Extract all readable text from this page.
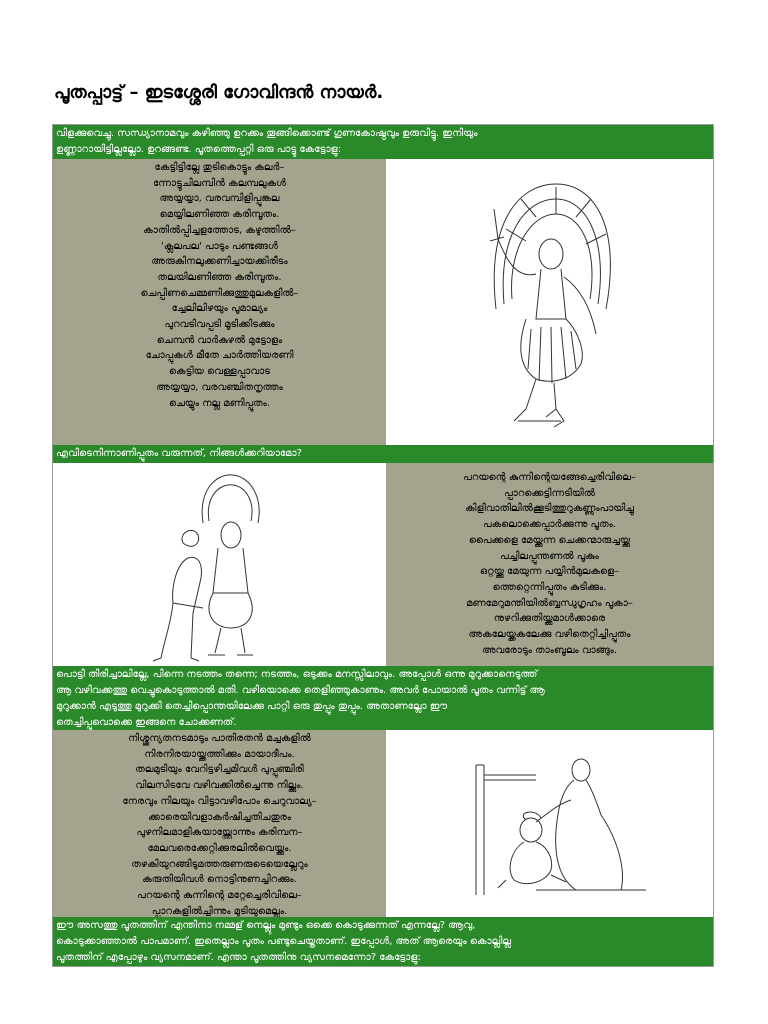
പൂതപ്പാട്ട് – ഇടശ്ശേരി ഗോവിന്ദൻ നായർ.
വിളക്കുവെച്ചു. സന്ധ്യാനാമവും കഴിഞ്ഞു ഉറക്കം തൂങ്ങിക്കൊണ്ട് ഗുണകോഷ്ഠവും ഉരുവിട്ടു. ഇനിയും
ഉണ്ണാറായിട്ടില്ലല്ലോ. ഉറങ്ങണ്ട. പൂതത്തെപ്പറ്റി ഒരു പാട്ടു കേട്ടോളു:
കേട്ടിട്ടില്ലേ തുടികൊട്ടും കലർ–
ന്നോട്ടുചിലമ്പിൻ കലമ്പലുകൾ
അയ്യയ്യാ, വരവമ്പിളിപ്പൂങ്കല
മെയ്യിലണിഞ്ഞ കരിമ്പൂതം.
കാതിൽപ്പിച്ചളത്തോട, കഴുത്തിൽ–
'ക്ലലപല' പാടും പണ്ടങ്ങൾ
അരുകിനലുക്കണിച്ചായക്കിരീടം
തലയിലണിഞ്ഞ കരിമ്പൂതം.
ചെപ്പിണചെമ്മണിക്കുത്തുമുലകളിൽ–
ച്ചേലിലിഴയും പൂമാല്യം
പുറവടിവപ്പടി മൂടിക്കിടക്കും
ചെമ്പൻ വാർകുഴൽ മുട്ടോളം
ചോപ്പുകൾ മീതേ ചാർത്തിയരണി
കെട്ടിയ വെള്ളപ്പാവാട
അയ്യയ്യാ, വരവഞ്ചിതനൃത്തം
ചെയ്യും നല്ല മണിപ്പൂതം.
എവിടെനിന്നാണിപ്പൂതം വരുന്നത്, നിങ്ങൾക്കറിയാമോ?
പറയന്റെ കുന്നിന്റെയങ്ങേച്ചെരിവിലെ–
പ്പാറക്കെട്ടിന്നടിയിൽ
കിളിവാതിലിൽക്കൂടിത്തുറുകണ്ണുംപായിച്ചു
പകലൊക്കെപ്പാർക്കുന്നു പൂതം.
പൈക്കളെ മേയ്ക്കുന്ന ചെക്കന്മാരുച്ചയ്ക്കു
പച്ചിലപ്പൂന്തണൽ പൂകും
ഒറ്റയ്ക്കു മേയുന്ന പയ്യിൻമുലകളെ–
ത്തെറ്റെന്നിപ്പൂതം കുടിക്കും.
മണമേറുമന്തിയിൽബ്ബന്ധുഗൃഹം പൂകാ–
നുഴറിക്കുതിയ്ക്കുമാൾക്കാരെ
അകലേയ്ക്കകലേക്കു വഴിതെറ്റിച്ചിപ്പൂതം
അവരോടും താംബൂലം വാങ്ങും.
പൊട്ടി തിരിച്ചാലില്ലേ, പിന്നെ നടത്തം തന്നെ; നടത്തം, ഒടുക്കം മനസ്സിലാവും. അപ്പോൾ ഒന്നു മുറുക്കാനെടുത്ത്
ആ വഴിവക്കത്തു വെച്ചുകൊടുത്താൽ മതി. വഴിയൊക്കെ തെളിഞ്ഞുകാണും. അവർ പോയാൽ പൂതം വന്നിട്ട് ആ
മുറുക്കാൻ എടുത്തു മുറുക്കി തെച്ചിപ്പൊന്തയിലേക്കു പാറ്റി ഒരു തുപ്പും തുപ്പും. അതാണല്ലോ ഈ
തെച്ചിപ്പൂവൊക്കെ ഇങ്ങനെ ചോക്കണത്.
നിശ്ശൂന്യതനടമാടും പാതിരതൻ മച്ചകളിൽ
നിരനിരയായ്ക്കത്തിക്കും മായാദീപം.
തലമുടിയും വേറിട്ടഴിച്ചമിവൾ പുപ്പുഞ്ചിരി
വിലസിടവേ വഴിവക്കിൽച്ചെന്നു നില്ക്കും.
നേരവും നിലയും വിട്ടാവഴിപോം ചെറുവാല്യ–
ക്കാരെയിവളാകർഷിച്ചതിചതുരം
പുഴനിലമാളികയായ്ത്തോന്നും കരിമ്പന–
മേലവരെക്കേറ്റിക്കുരലിൽവെയ്ക്കും.
തഴകിയുറങ്ങിടുമത്തരുണരുടെയെല്ലേറും
കരുതിയിവൾ നൊട്ടിനുണച്ചിറക്കും.
പറയന്റെ കുന്നിന്റെ മറ്റേച്ചെരിവിലെ–
പ്പാറകളിൽച്ചിന്നും മുടിയുമെല്ലും.
ഈ അസത്തു പൂതത്തിന് എന്തിനാ നമ്മള് നെല്ലും മുണ്ടും ഒക്കെ കൊടുക്കുന്നത് എന്നല്ലേ? ആവു,
കൊടുക്കാഞ്ഞാൽ പാപമാണ്. ഇതെല്ലാം പൂതം പണ്ടുചെയ്തതാണ്. ഇപ്പോൾ, അത് ആരെയും കൊല്ലില്ല
പൂതത്തിന് എപ്പോഴും വ്യസനമാണ്. എന്താ പൂതത്തിനു വ്യസനമെന്നോ? കേട്ടോളു:
